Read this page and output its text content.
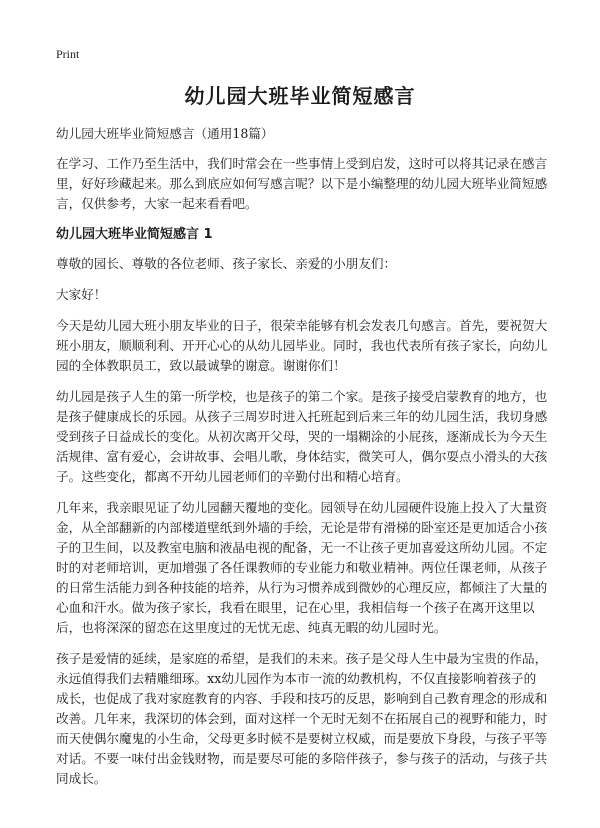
Print
幼儿园大班毕业简短感言

幼儿园大班毕业简短感言（通用18篇）

在学习、工作乃至生活中，我们时常会在一些事情上受到启发，这时可以将其记录在感言里，好好珍藏起来。那么到底应如何写感言呢？以下是小编整理的幼儿园大班毕业简短感言，仅供参考，大家一起来看看吧。

幼儿园大班毕业简短感言 1

尊敬的园长、尊敬的各位老师、孩子家长、亲爱的小朋友们：

大家好！

今天是幼儿园大班小朋友毕业的日子，很荣幸能够有机会发表几句感言。首先，要祝贺大班小朋友，顺顺利利、开开心心的从幼儿园毕业。同时，我也代表所有孩子家长，向幼儿园的全体教职员工，致以最诚挚的谢意。谢谢你们！

幼儿园是孩子人生的第一所学校，也是孩子的第二个家。是孩子接受启蒙教育的地方，也是孩子健康成长的乐园。从孩子三周岁时进入托班起到后来三年的幼儿园生活，我切身感受到孩子日益成长的变化。从初次离开父母，哭的一塌糊涂的小屁孩，逐渐成长为今天生活规律、富有爱心，会讲故事、会唱儿歌，身体结实，微笑可人，偶尔耍点小滑头的大孩子。这些变化，都离不开幼儿园老师们的辛勤付出和精心培育。

几年来，我亲眼见证了幼儿园翻天覆地的变化。园领导在幼儿园硬件设施上投入了大量资金，从全部翻新的内部楼道壁纸到外墙的手绘，无论是带有滑梯的卧室还是更加适合小孩子的卫生间，以及教室电脑和液晶电视的配备，无一不让孩子更加喜爱这所幼儿园。不定时的对老师培训，更加增强了各任课教师的专业能力和敬业精神。两位任课老师，从孩子的日常生活能力到各种技能的培养，从行为习惯养成到微妙的心理反应，都倾注了大量的心血和汗水。做为孩子家长，我看在眼里，记在心里，我相信每一个孩子在离开这里以后，也将深深的留恋在这里度过的无忧无虑、纯真无暇的幼儿园时光。

孩子是爱情的延续，是家庭的希望，是我们的未来。孩子是父母人生中最为宝贵的作品，永远值得我们去精雕细琢。xx幼儿园作为本市一流的幼教机构，不仅直接影响着孩子的成长，也促成了我对家庭教育的内容、手段和技巧的反思，影响到自己教育理念的形成和改善。几年来，我深切的体会到，面对这样一个无时无刻不在拓展自己的视野和能力，时而天使偶尔魔鬼的小生命，父母更多时候不是要树立权威，而是要放下身段，与孩子平等对话。不要一味付出金钱财物，而是要尽可能的多陪伴孩子，参与孩子的活动，与孩子共同成长。
